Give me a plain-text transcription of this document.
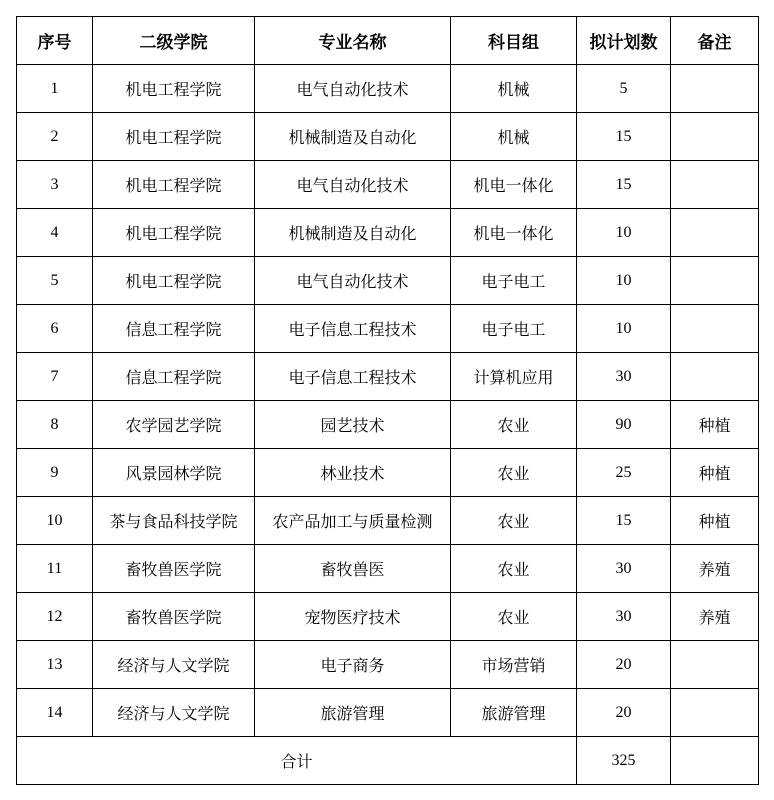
序号	二级学院	专业名称	科目组	拟计划数	备注
1	机电工程学院	电气自动化技术	机械	5	
2	机电工程学院	机械制造及自动化	机械	15	
3	机电工程学院	电气自动化技术	机电一体化	15	
4	机电工程学院	机械制造及自动化	机电一体化	10	
5	机电工程学院	电气自动化技术	电子电工	10	
6	信息工程学院	电子信息工程技术	电子电工	10	
7	信息工程学院	电子信息工程技术	计算机应用	30	
8	农学园艺学院	园艺技术	农业	90	种植
9	风景园林学院	林业技术	农业	25	种植
10	茶与食品科技学院	农产品加工与质量检测	农业	15	种植
11	畜牧兽医学院	畜牧兽医	农业	30	养殖
12	畜牧兽医学院	宠物医疗技术	农业	30	养殖
13	经济与人文学院	电子商务	市场营销	20	
14	经济与人文学院	旅游管理	旅游管理	20	
合计				325	
